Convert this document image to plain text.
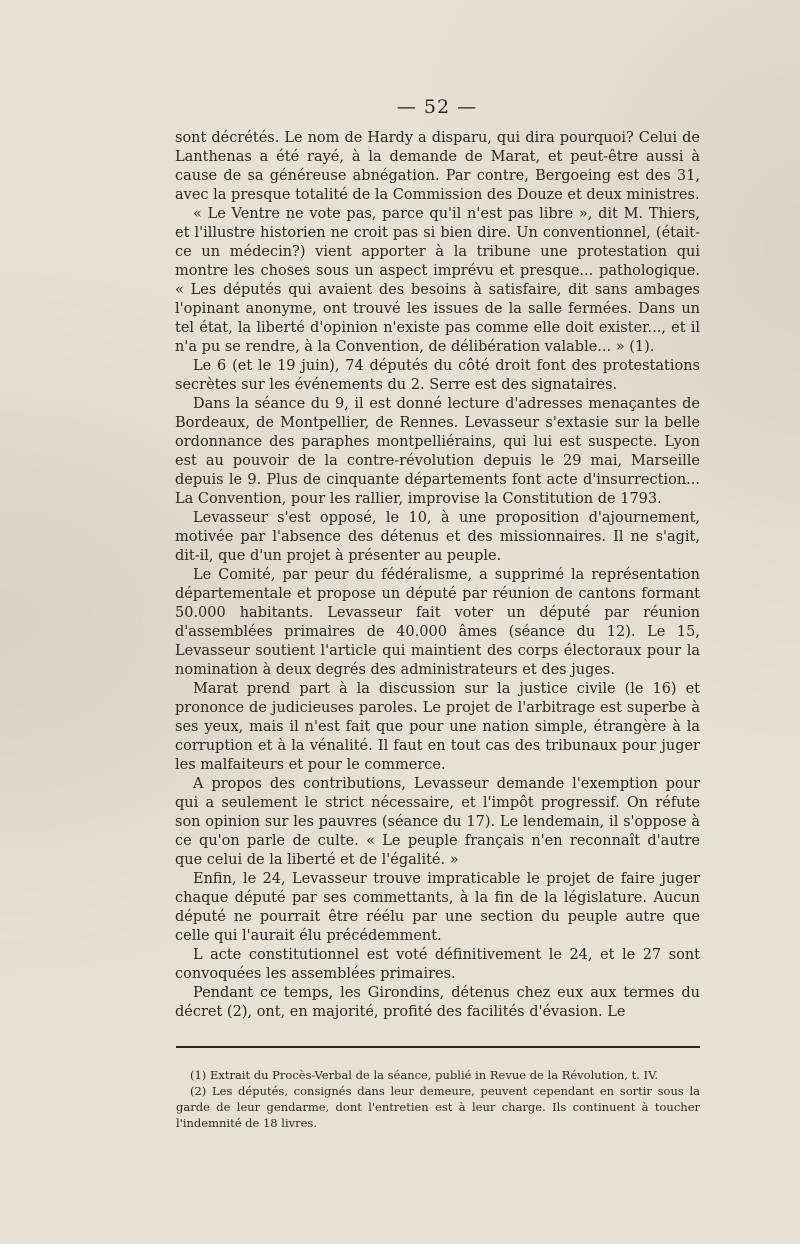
— 52 —

sont décrétés. Le nom de Hardy a disparu, qui dira pourquoi? Celui de Lanthenas a été rayé, à la demande de Marat, et peut-être aussi à cause de sa généreuse abnégation. Par contre, Bergoeing est des 31, avec la presque totalité de la Commission des Douze et deux ministres.

« Le Ventre ne vote pas, parce qu'il n'est pas libre », dit M. Thiers, et l'illustre historien ne croit pas si bien dire. Un conventionnel, (était-ce un médecin?) vient apporter à la tribune une protestation qui montre les choses sous un aspect imprévu et presque... pathologique. « Les députés qui avaient des besoins à satisfaire, dit sans ambages l'opinant anonyme, ont trouvé les issues de la salle fermées. Dans un tel état, la liberté d'opinion n'existe pas comme elle doit exister..., et il n'a pu se rendre, à la Convention, de délibération valable... » (1).

Le 6 (et le 19 juin), 74 députés du côté droit font des protestations secrètes sur les événements du 2. Serre est des signataires.

Dans la séance du 9, il est donné lecture d'adresses menaçantes de Bordeaux, de Montpellier, de Rennes. Levasseur s'extasie sur la belle ordonnance des paraphes montpelliérains, qui lui est suspecte. Lyon est au pouvoir de la contre-révolution depuis le 29 mai, Marseille depuis le 9. Plus de cinquante départements font acte d'insurrection... La Convention, pour les rallier, improvise la Constitution de 1793.

Levasseur s'est opposé, le 10, à une proposition d'ajournement, motivée par l'absence des détenus et des missionnaires. Il ne s'agit, dit-il, que d'un projet à présenter au peuple.

Le Comité, par peur du fédéralisme, a supprimé la représentation départementale et propose un député par réunion de cantons formant 50.000 habitants. Levasseur fait voter un député par réunion d'assemblées primaires de 40.000 âmes (séance du 12). Le 15, Levasseur soutient l'article qui maintient des corps électoraux pour la nomination à deux degrés des administrateurs et des juges.

Marat prend part à la discussion sur la justice civile (le 16) et prononce de judicieuses paroles. Le projet de l'arbitrage est superbe à ses yeux, mais il n'est fait que pour une nation simple, étrangère à la corruption et à la vénalité. Il faut en tout cas des tribunaux pour juger les malfaiteurs et pour le commerce.

A propos des contributions, Levasseur demande l'exemption pour qui a seulement le strict nécessaire, et l'impôt progressif. On réfute son opinion sur les pauvres (séance du 17). Le lendemain, il s'oppose à ce qu'on parle de culte. « Le peuple français n'en reconnaît d'autre que celui de la liberté et de l'égalité. »

Enfin, le 24, Levasseur trouve impraticable le projet de faire juger chaque député par ses commettants, à la fin de la législature. Aucun député ne pourrait être réélu par une section du peuple autre que celle qui l'aurait élu précédemment.

L acte constitutionnel est voté définitivement le 24, et le 27 sont convoquées les assemblées primaires.

Pendant ce temps, les Girondins, détenus chez eux aux termes du décret (2), ont, en majorité, profité des facilités d'évasion. Le

(1) Extrait du Procès-Verbal de la séance, publié in Revue de la Révolution, t. IV.

(2) Les députés, consignés dans leur demeure, peuvent cependant en sortir sous la garde de leur gendarme, dont l'entretien est à leur charge. Ils continuent à toucher l'indemnité de 18 livres.
